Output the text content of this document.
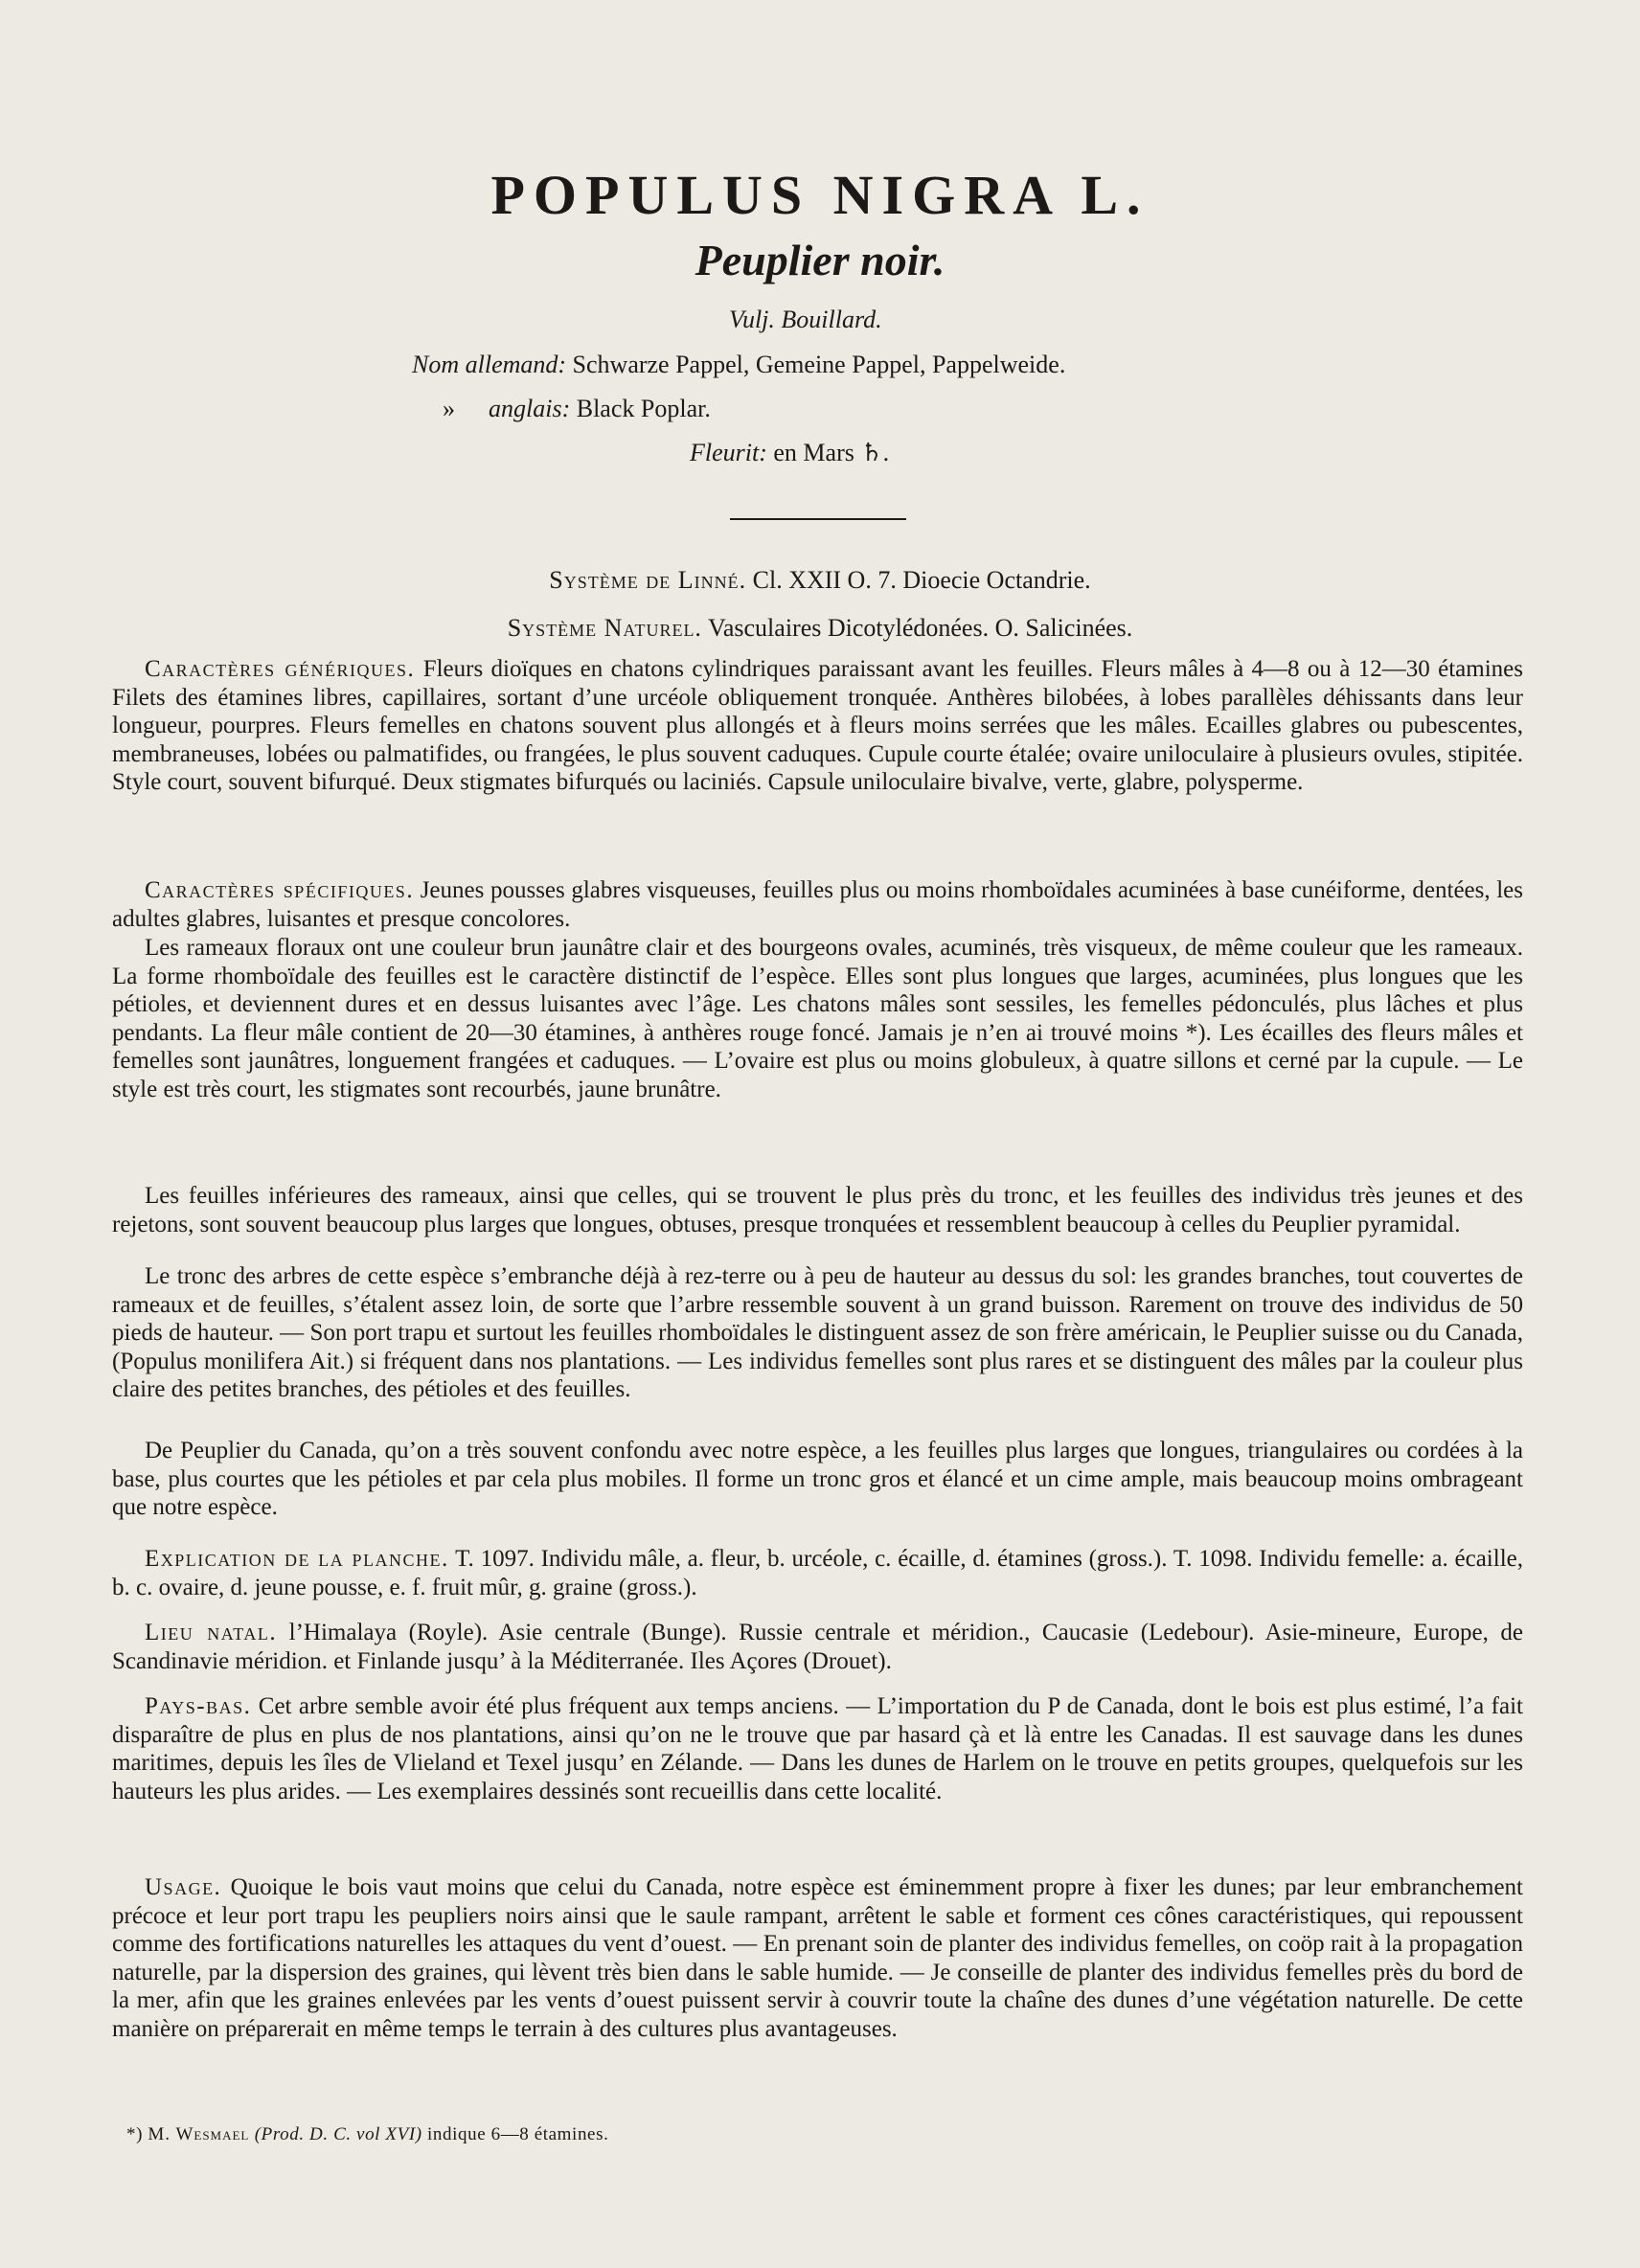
POPULUS NIGRA L.
Peuplier noir.
Vulj. Bouillard.
Nom allemand: Schwarze Pappel, Gemeine Pappel, Pappelweide.
» anglais: Black Poplar.
Fleurit: en Mars ♄.
Système de Linné. Cl. XXII O. 7. Dioecie Octandrie.
Système Naturel. Vasculaires Dicotylédonées. O. Salicinées.
Caractères génériques. Fleurs dioïques en chatons cylindriques paraissant avant les feuilles. Fleurs mâles à 4—8 ou à 12—30 étamines Filets des étamines libres, capillaires, sortant d’une urcéole obliquement tronquée. Anthères bilobées, à lobes parallèles déhissants dans leur longueur, pourpres. Fleurs femelles en chatons souvent plus allongés et à fleurs moins serrées que les mâles. Ecailles glabres ou pubescentes, membraneuses, lobées ou palmatifides, ou frangées, le plus souvent caduques. Cupule courte étalée; ovaire uniloculaire à plusieurs ovules, stipitée. Style court, souvent bifurqué. Deux stigmates bifurqués ou laciniés. Capsule uniloculaire bivalve, verte, glabre, polysperme.
Caractères spécifiques. Jeunes pousses glabres visqueuses, feuilles plus ou moins rhomboïdales acuminées à base cunéiforme, dentées, les adultes glabres, luisantes et presque concolores.
Les rameaux floraux ont une couleur brun jaunâtre clair et des bourgeons ovales, acuminés, très visqueux, de même couleur que les rameaux. La forme rhomboïdale des feuilles est le caractère distinctif de l’espèce. Elles sont plus longues que larges, acuminées, plus longues que les pétioles, et deviennent dures et en dessus luisantes avec l’âge. Les chatons mâles sont sessiles, les femelles pédonculés, plus lâches et plus pendants. La fleur mâle contient de 20—30 étamines, à anthères rouge foncé. Jamais je n’en ai trouvé moins *). Les écailles des fleurs mâles et femelles sont jaunâtres, longuement frangées et caduques. — L’ovaire est plus ou moins globuleux, à quatre sillons et cerné par la cupule. — Le style est très court, les stigmates sont recourbés, jaune brunâtre.
Les feuilles inférieures des rameaux, ainsi que celles, qui se trouvent le plus près du tronc, et les feuilles des individus très jeunes et des rejetons, sont souvent beaucoup plus larges que longues, obtuses, presque tronquées et ressemblent beaucoup à celles du Peuplier pyramidal.
Le tronc des arbres de cette espèce s’embranche déjà à rez-terre ou à peu de hauteur au dessus du sol: les grandes branches, tout couvertes de rameaux et de feuilles, s’étalent assez loin, de sorte que l’arbre ressemble souvent à un grand buisson. Rarement on trouve des individus de 50 pieds de hauteur. — Son port trapu et surtout les feuilles rhomboïdales le distinguent assez de son frère américain, le Peuplier suisse ou du Canada, (Populus monilifera Ait.) si fréquent dans nos plantations. — Les individus femelles sont plus rares et se distinguent des mâles par la couleur plus claire des petites branches, des pétioles et des feuilles.
De Peuplier du Canada, qu’on a très souvent confondu avec notre espèce, a les feuilles plus larges que longues, triangulaires ou cordées à la base, plus courtes que les pétioles et par cela plus mobiles. Il forme un tronc gros et élancé et un cime ample, mais beaucoup moins ombrageant que notre espèce.
Explication de la planche. T. 1097. Individu mâle, a. fleur, b. urcéole, c. écaille, d. étamines (gross.). T. 1098. Individu femelle: a. écaille, b. c. ovaire, d. jeune pousse, e. f. fruit mûr, g. graine (gross.).
Lieu natal. l’Himalaya (Royle). Asie centrale (Bunge). Russie centrale et méridion., Caucasie (Ledebour). Asie-mineure, Europe, de Scandinavie méridion. et Finlande jusqu’ à la Méditerranée. Iles Açores (Drouet).
Pays-bas. Cet arbre semble avoir été plus fréquent aux temps anciens. — L’importation du P de Canada, dont le bois est plus estimé, l’a fait disparaître de plus en plus de nos plantations, ainsi qu’on ne le trouve que par hasard çà et là entre les Canadas. Il est sauvage dans les dunes maritimes, depuis les îles de Vlieland et Texel jusqu’ en Zélande. — Dans les dunes de Harlem on le trouve en petits groupes, quelquefois sur les hauteurs les plus arides. — Les exemplaires dessinés sont recueillis dans cette localité.
Usage. Quoique le bois vaut moins que celui du Canada, notre espèce est éminemment propre à fixer les dunes; par leur embranchement précoce et leur port trapu les peupliers noirs ainsi que le saule rampant, arrêtent le sable et forment ces cônes caractéristiques, qui repoussent comme des fortifications naturelles les attaques du vent d’ouest. — En prenant soin de planter des individus femelles, on coöp rait à la propagation naturelle, par la dispersion des graines, qui lèvent très bien dans le sable humide. — Je conseille de planter des individus femelles près du bord de la mer, afin que les graines enlevées par les vents d’ouest puissent servir à couvrir toute la chaîne des dunes d’une végétation naturelle. De cette manière on préparerait en même temps le terrain à des cultures plus avantageuses.
*) M. Wesmael (Prod. D. C. vol XVI) indique 6—8 étamines.
